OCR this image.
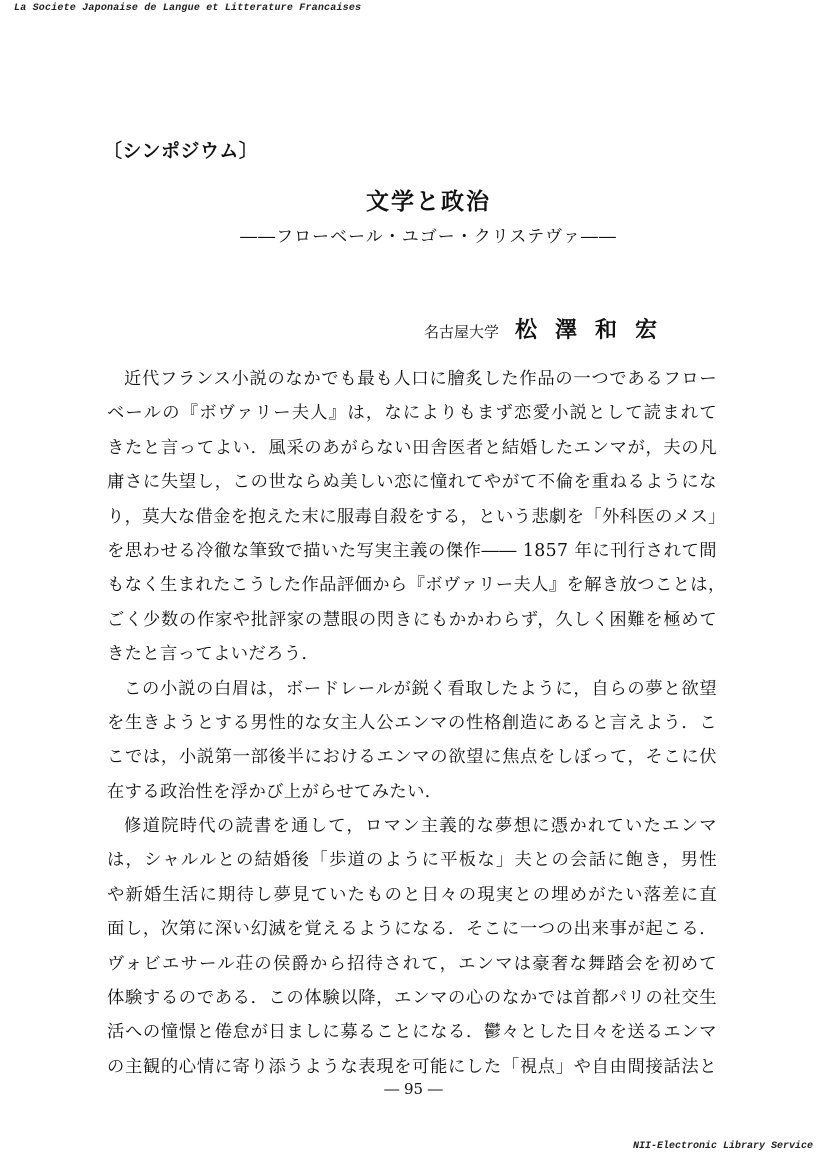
La Societe Japonaise de Langue et Litterature Francaises
〔シンポジウム〕
文学と政治
――フローベール・ユゴー・クリステヴァ――
名古屋大学 松澤和宏
近代フランス小説のなかでも最も人口に膾炙した作品の一つであるフロー
ベールの『ボヴァリー夫人』は，なによりもまず恋愛小説として読まれて
きたと言ってよい．風采のあがらない田舎医者と結婚したエンマが，夫の凡
庸さに失望し，この世ならぬ美しい恋に憧れてやがて不倫を重ねるようにな
り，莫大な借金を抱えた末に服毒自殺をする，という悲劇を「外科医のメス」
を思わせる冷徹な筆致で描いた写実主義の傑作―― 1857 年に刊行されて間
もなく生まれたこうした作品評価から『ボヴァリー夫人』を解き放つことは，
ごく少数の作家や批評家の慧眼の閃きにもかかわらず，久しく困難を極めて
きたと言ってよいだろう．
この小説の白眉は，ボードレールが鋭く看取したように，自らの夢と欲望
を生きようとする男性的な女主人公エンマの性格創造にあると言えよう．こ
こでは，小説第一部後半におけるエンマの欲望に焦点をしぼって，そこに伏
在する政治性を浮かび上がらせてみたい．
修道院時代の読書を通して，ロマン主義的な夢想に憑かれていたエンマ
は，シャルルとの結婚後「歩道のように平板な」夫との会話に飽き，男性
や新婚生活に期待し夢見ていたものと日々の現実との埋めがたい落差に直
面し，次第に深い幻滅を覚えるようになる．そこに一つの出来事が起こる．
ヴォビエサール荘の侯爵から招待されて，エンマは豪奢な舞踏会を初めて
体験するのである．この体験以降，エンマの心のなかでは首都パリの社交生
活への憧憬と倦怠が日ましに募ることになる．鬱々とした日々を送るエンマ
の主観的心情に寄り添うような表現を可能にした「視点」や自由間接話法と
― 95 ―
NII-Electronic Library Service
